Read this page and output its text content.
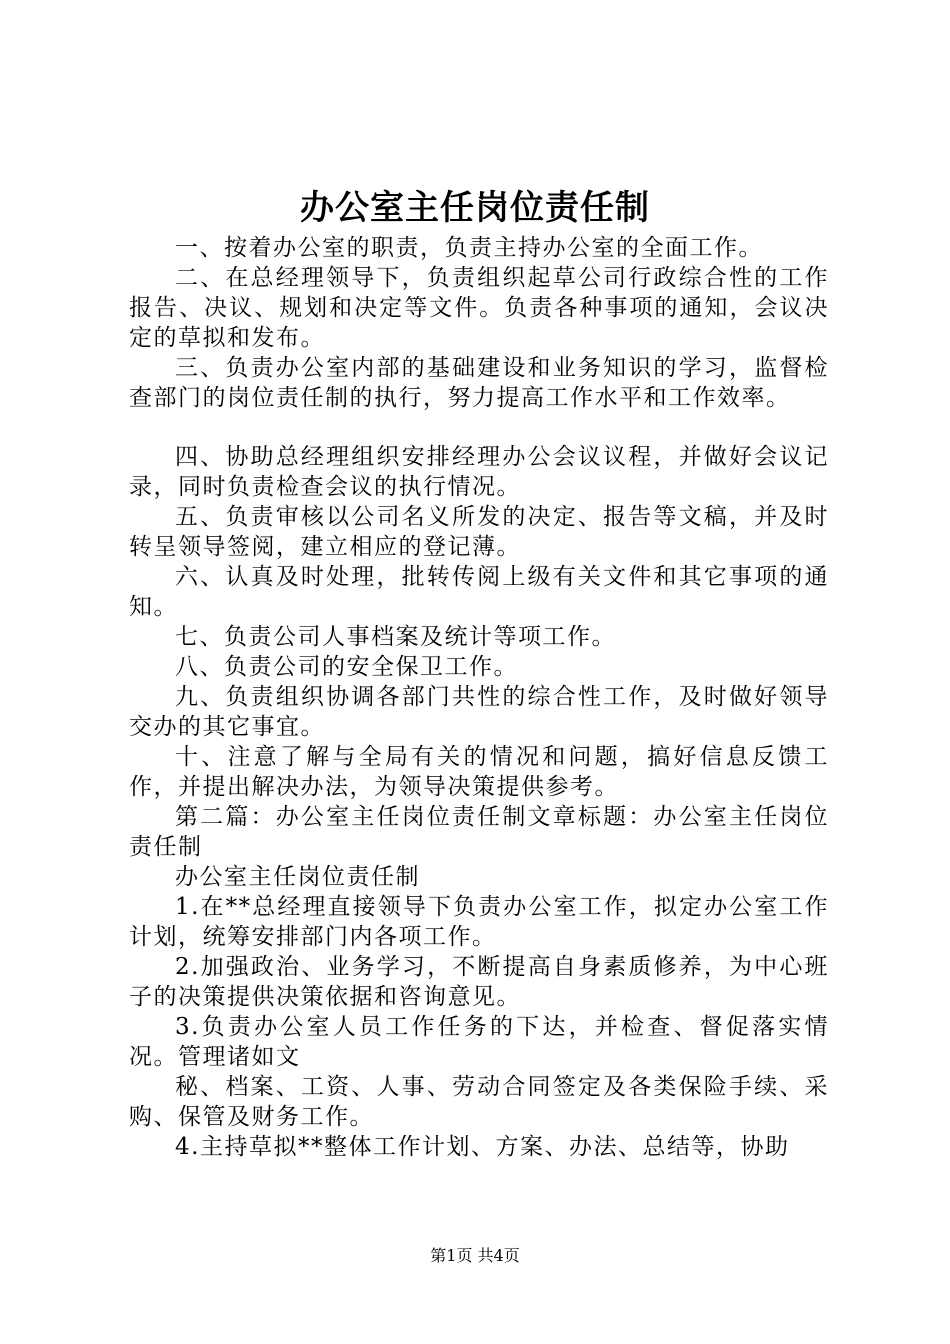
办公室主任岗位责任制

一、按着办公室的职责，负责主持办公室的全面工作。

二、在总经理领导下，负责组织起草公司行政综合性的工作报告、决议、规划和决定等文件。负责各种事项的通知，会议决定的草拟和发布。

三、负责办公室内部的基础建设和业务知识的学习，监督检查部门的岗位责任制的执行，努力提高工作水平和工作效率。

四、协助总经理组织安排经理办公会议议程，并做好会议记录，同时负责检查会议的执行情况。

五、负责审核以公司名义所发的决定、报告等文稿，并及时转呈领导签阅，建立相应的登记薄。

六、认真及时处理，批转传阅上级有关文件和其它事项的通知。

七、负责公司人事档案及统计等项工作。

八、负责公司的安全保卫工作。

九、负责组织协调各部门共性的综合性工作，及时做好领导交办的其它事宜。

十、注意了解与全局有关的情况和问题，搞好信息反馈工作，并提出解决办法，为领导决策提供参考。

第二篇：办公室主任岗位责任制文章标题：办公室主任岗位责任制

办公室主任岗位责任制

1.在**总经理直接领导下负责办公室工作，拟定办公室工作计划，统筹安排部门内各项工作。

2.加强政治、业务学习，不断提高自身素质修养，为中心班子的决策提供决策依据和咨询意见。

3.负责办公室人员工作任务的下达，并检查、督促落实情况。管理诸如文

秘、档案、工资、人事、劳动合同签定及各类保险手续、采购、保管及财务工作。

4.主持草拟**整体工作计划、方案、办法、总结等，协助

第1页 共4页
